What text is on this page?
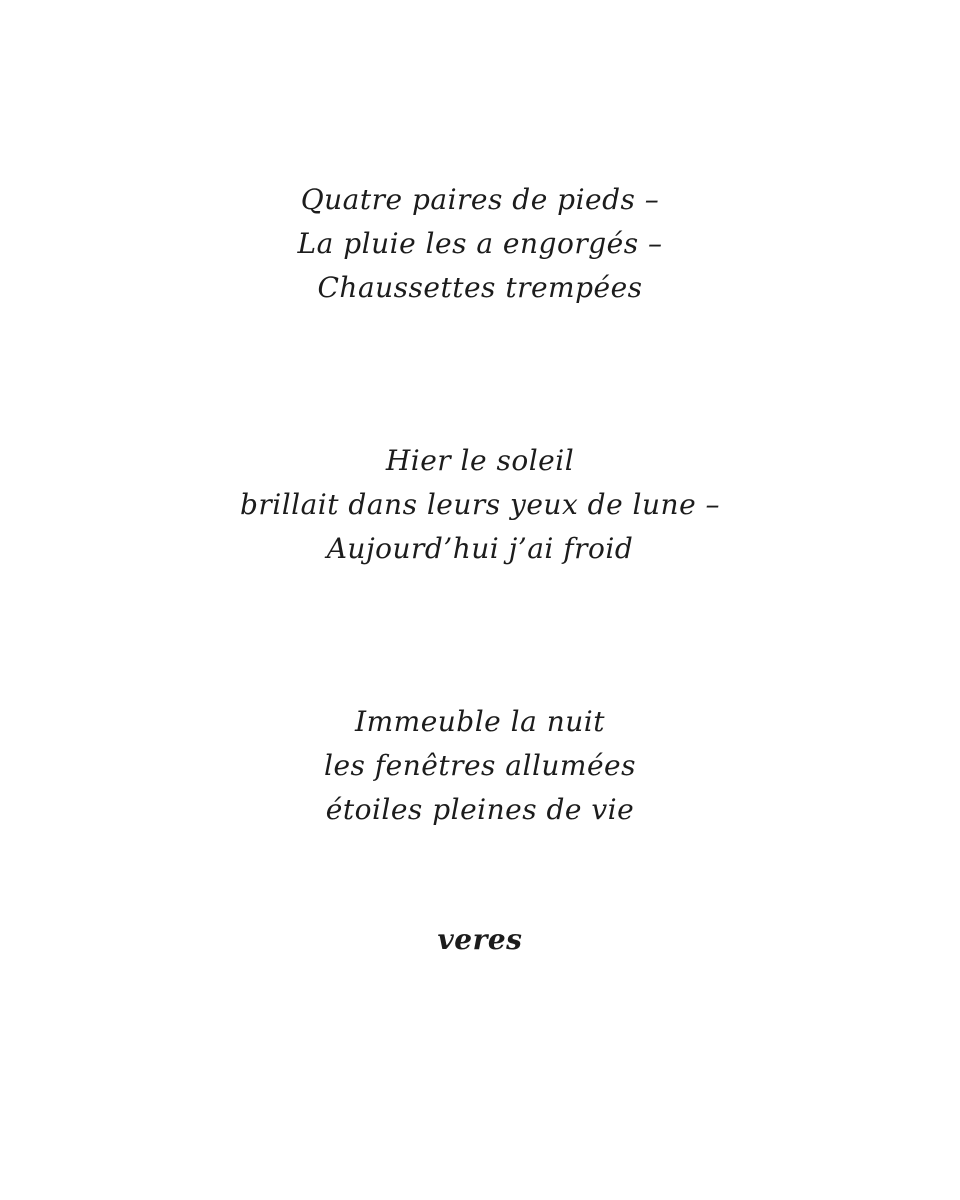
Quatre paires de pieds –

La pluie les a engorgés –

Chaussettes trempées

Hier le soleil

brillait dans leurs yeux de lune –

Aujourd’hui j’ai froid

Immeuble la nuit

les fenêtres allumées

étoiles pleines de vie

veres
